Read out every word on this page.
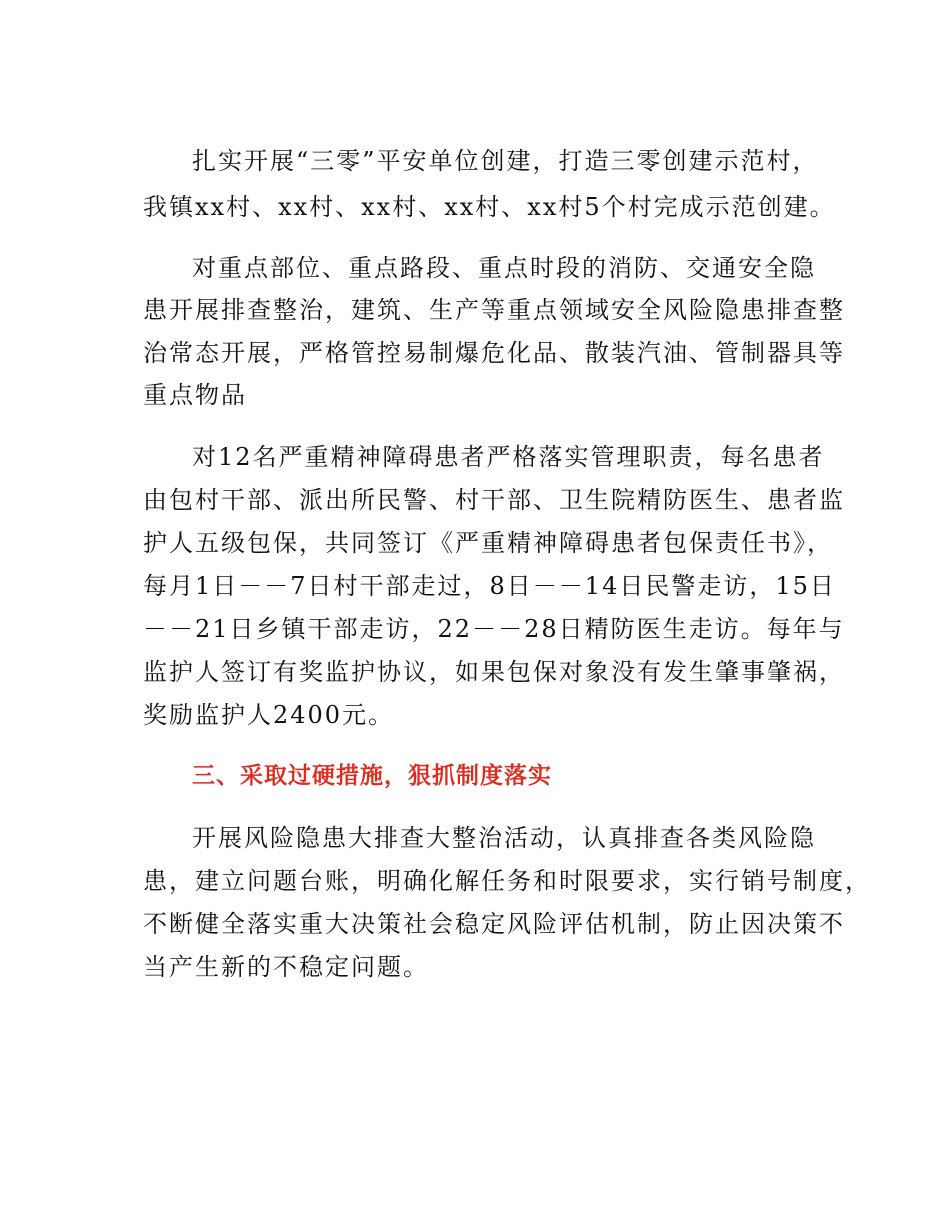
扎实开展“三零”平安单位创建，打造三零创建示范村，
我镇xx村、xx村、xx村、xx村、xx村5个村完成示范创建。
对重点部位、重点路段、重点时段的消防、交通安全隐
患开展排查整治，建筑、生产等重点领域安全风险隐患排查整
治常态开展，严格管控易制爆危化品、散装汽油、管制器具等
重点物品
对12名严重精神障碍患者严格落实管理职责，每名患者
由包村干部、派出所民警、村干部、卫生院精防医生、患者监
护人五级包保，共同签订《严重精神障碍患者包保责任书》，
每月1日－－7日村干部走过，8日－－14日民警走访，15日
－－21日乡镇干部走访，22－－28日精防医生走访。每年与
监护人签订有奖监护协议，如果包保对象没有发生肇事肇祸，
奖励监护人2400元。
三、采取过硬措施，狠抓制度落实
开展风险隐患大排查大整治活动，认真排查各类风险隐
患，建立问题台账，明确化解任务和时限要求，实行销号制度，
不断健全落实重大决策社会稳定风险评估机制，防止因决策不
当产生新的不稳定问题。
